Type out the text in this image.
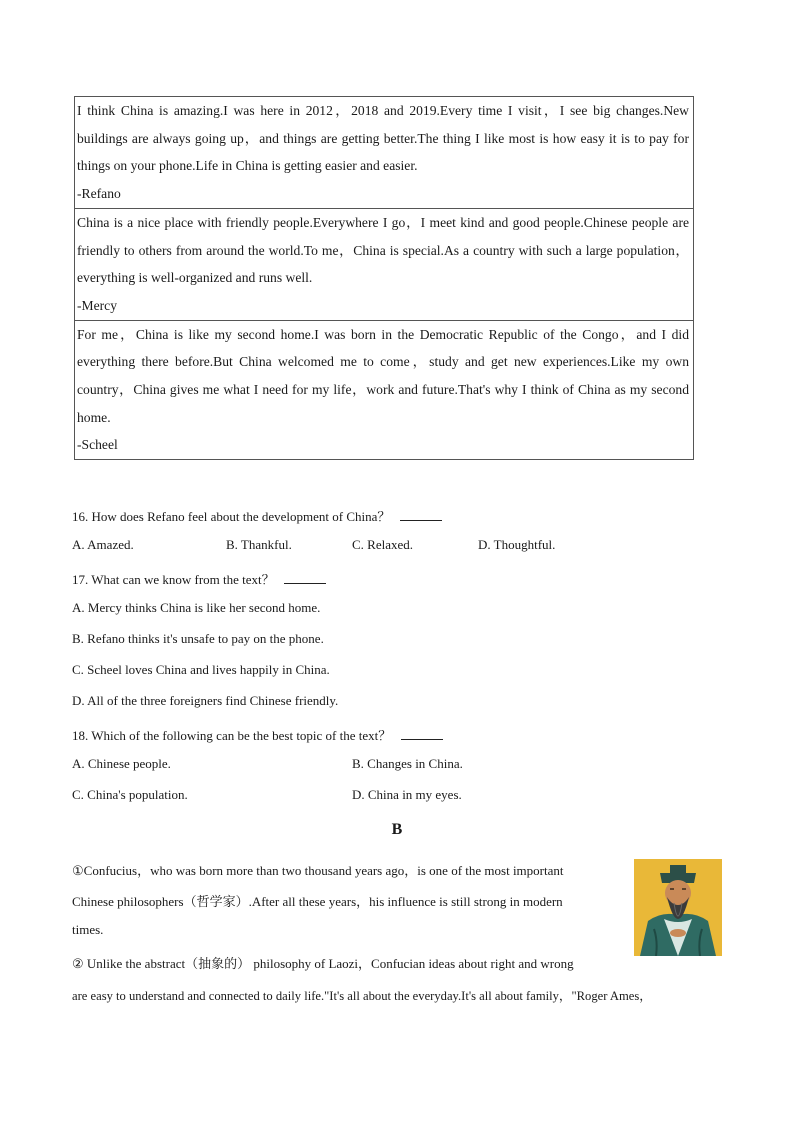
I think China is amazing.I was here in 2012，2018 and 2019.Every time I visit，I see big changes.New buildings are always going up，and things are getting better.The thing I like most is how easy it is to pay for things on your phone.Life in China is getting easier and easier.
-Refano
China is a nice place with friendly people.Everywhere I go，I meet kind and good people.Chinese people are friendly to others from around the world.To me，China is special.As a country with such a large population，everything is well-organized and runs well.
-Mercy
For me，China is like my second home.I was born in the Democratic Republic of the Congo，and I did everything there before.But China welcomed me to come，study and get new experiences.Like my own country，China gives me what I need for my life，work and future.That's why I think of China as my second home.
-Scheel
16. How does Refano feel about the development of China？
A. Amazed.	B. Thankful.	C. Relaxed.	D. Thoughtful.
17. What can we know from the text？
A. Mercy thinks China is like her second home.
B. Refano thinks it's unsafe to pay on the phone.
C. Scheel loves China and lives happily in China.
D. All of the three foreigners find Chinese friendly.
18. Which of the following can be the best topic of the text？
A. Chinese people.	B. Changes in China.
C. China's population.	D. China in my eyes.
B
①Confucius，who was born more than two thousand years ago，is one of the most important
Chinese philosophers（哲学家）.After all these years，his influence is still strong in modern
times.
② Unlike the abstract（抽象的） philosophy of Laozi，Confucian ideas about right and wrong
are easy to understand and connected to daily life."It's all about the everyday.It's all about family，"Roger Ames，
